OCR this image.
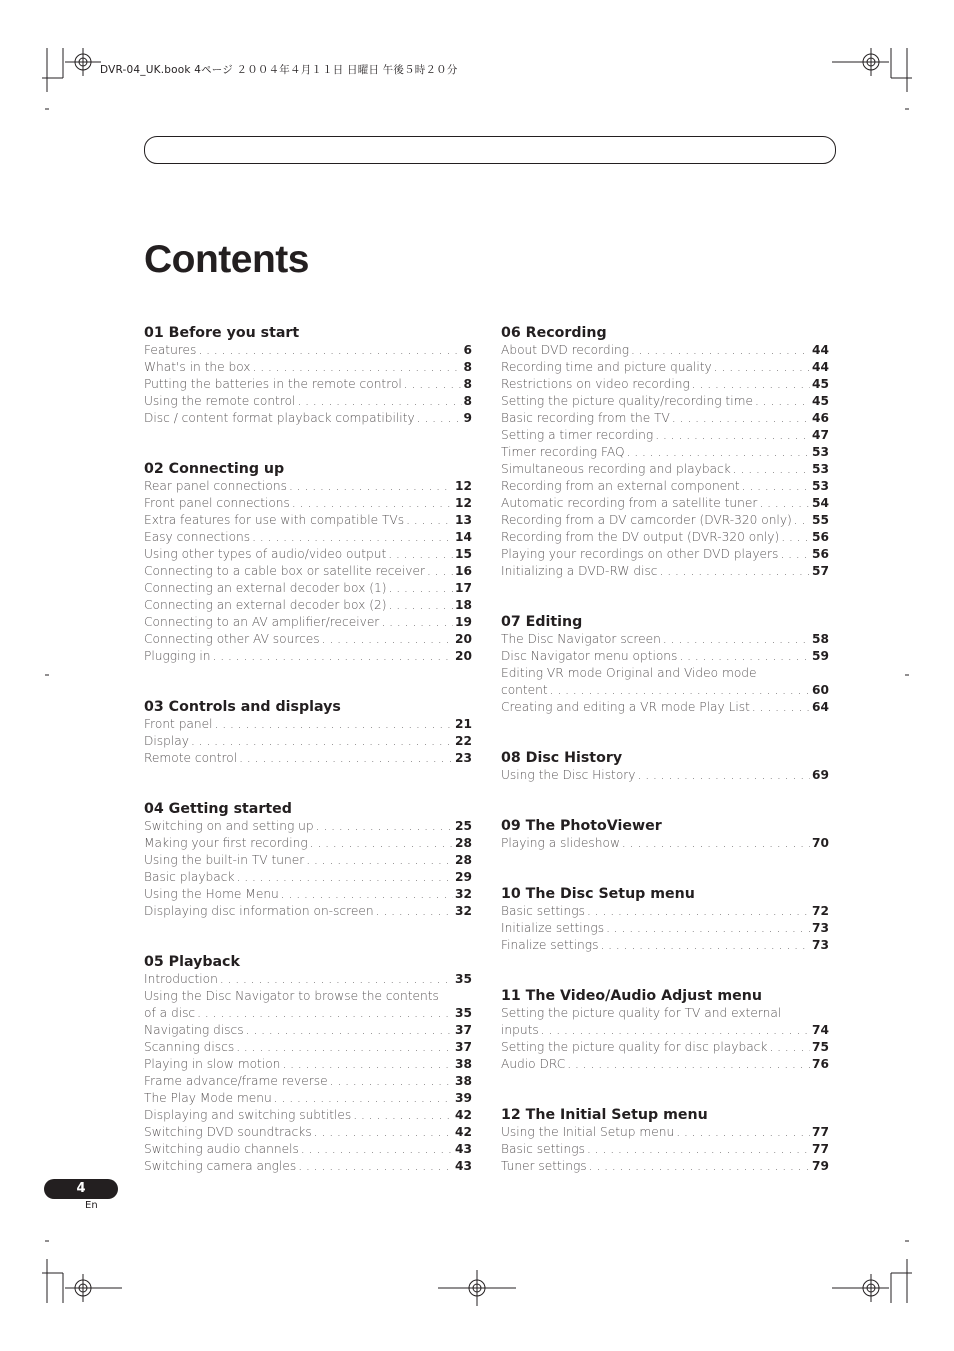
DVR-04_UK.book 4ページ ２００４年４月１１日 日曜日 午後５時２０分
Contents
01 Before you start
Features . . .	6
What's in the box . . .	8
Putting the batteries in the remote control . . .	8
Using the remote control . . .	8
Disc / content format playback compatibility . . .	9
02 Connecting up
Rear panel connections . . .	12
Front panel connections . . .	12
Extra features for use with compatible TVs . . .	13
Easy connections . . .	14
Using other types of audio/video output . . .	15
Connecting to a cable box or satellite receiver . . . 16
Connecting an external decoder box (1) . . .	17
Connecting an external decoder box (2) . . .	18
Connecting to an AV amplifier/receiver . . .	19
Connecting other AV sources . . .	20
Plugging in . . .	20
03 Controls and displays
Front panel . . .	21
Display . . .	22
Remote control . . .	23
04 Getting started
Switching on and setting up . . .	25
Making your first recording . . .	28
Using the built-in TV tuner . . .	28
Basic playback . . .	29
Using the Home Menu . . .	32
Displaying disc information on-screen . . .	32
05 Playback
Introduction . . .	35
Using the Disc Navigator to browse the contents
of a disc . . .	35
Navigating discs . . .	37
Scanning discs . . .	37
Playing in slow motion . . .	38
Frame advance/frame reverse . . .	38
The Play Mode menu . . .	39
Displaying and switching subtitles . . .	42
Switching DVD soundtracks . . .	42
Switching audio channels . . .	43
Switching camera angles . . .	43
06 Recording
About DVD recording . . .	44
Recording time and picture quality . . .	44
Restrictions on video recording . . .	45
Setting the picture quality/recording time . . .	45
Basic recording from the TV . . .	46
Setting a timer recording . . .	47
Timer recording FAQ . . .	53
Simultaneous recording and playback . . .	53
Recording from an external component . . .	53
Automatic recording from a satellite tuner . . .	54
Recording from a DV camcorder (DVR-320 only) . . . 55
Recording from the DV output (DVR-320 only) . . .	56
Playing your recordings on other DVD players . . .	56
Initializing a DVD-RW disc . . .	57
07 Editing
The Disc Navigator screen . . .	58
Disc Navigator menu options . . .	59
Editing VR mode Original and Video mode
content . . .	60
Creating and editing a VR mode Play List . . .	64
08 Disc History
Using the Disc History . . .	69
09 The PhotoViewer
Playing a slideshow . . .	70
10 The Disc Setup menu
Basic settings . . .	72
Initialize settings . . .	73
Finalize settings . . .	73
11 The Video/Audio Adjust menu
Setting the picture quality for TV and external
inputs . . .	74
Setting the picture quality for disc playback . . .	75
Audio DRC . . .	76
12 The Initial Setup menu
Using the Initial Setup menu . . .	77
Basic settings . . .	77
Tuner settings . . .	79
4
En
